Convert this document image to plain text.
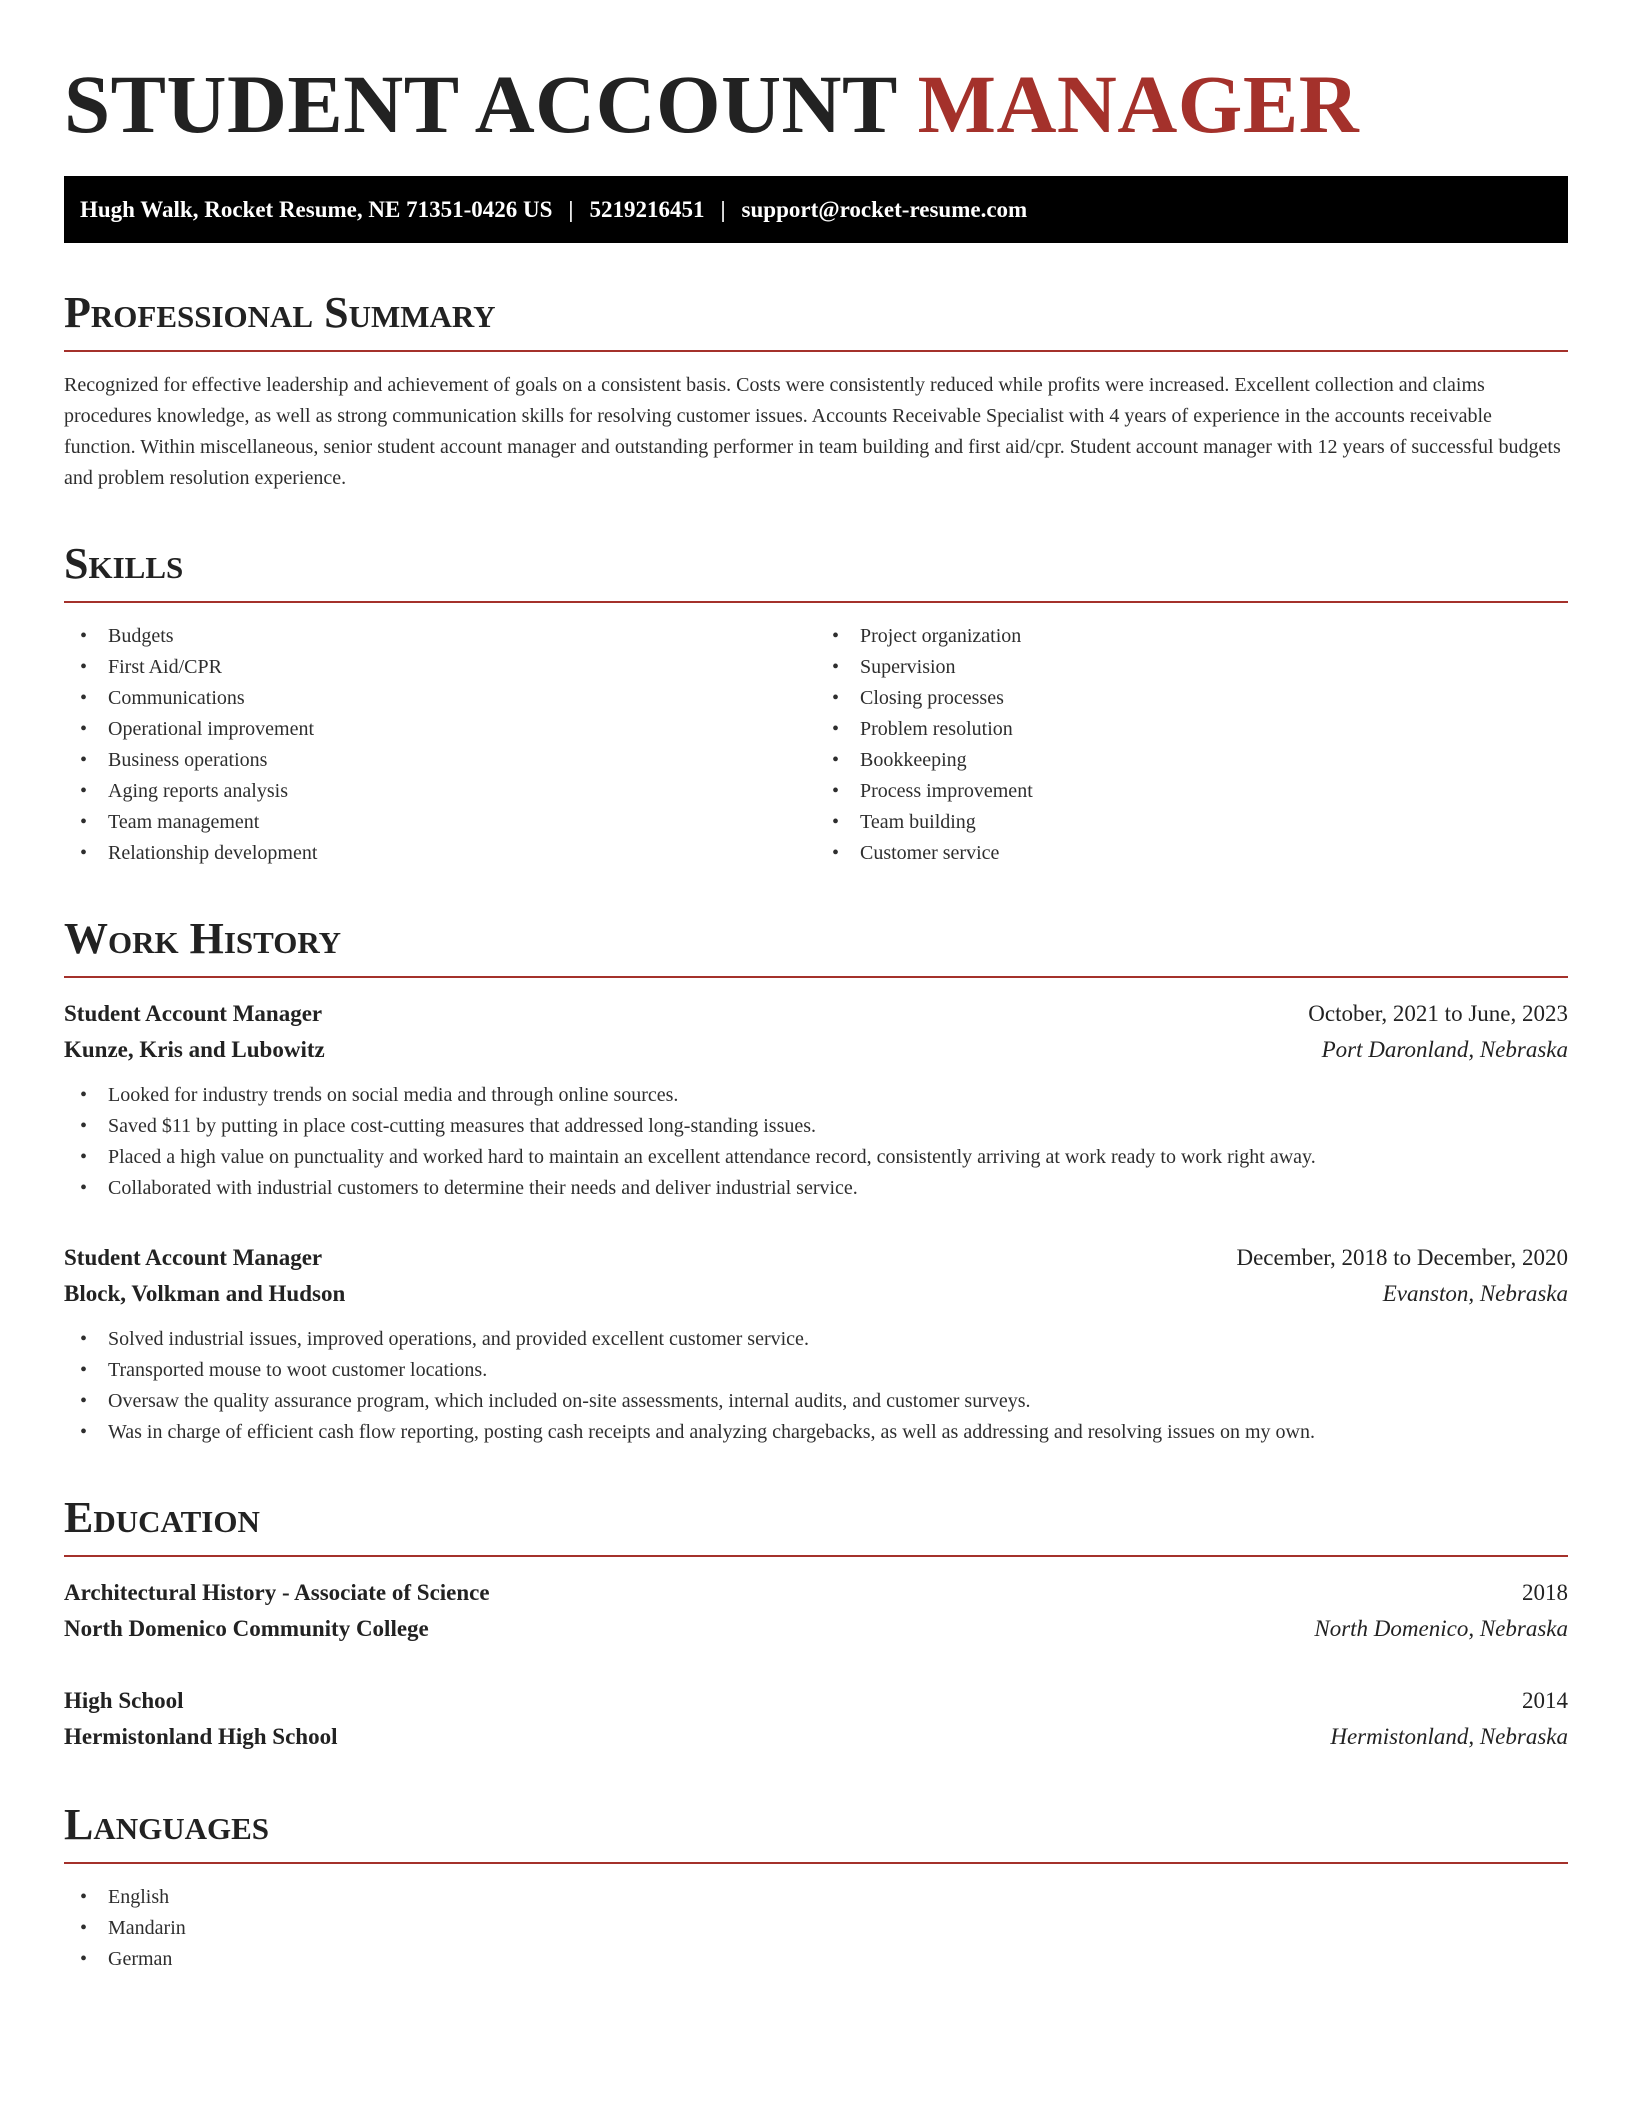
STUDENT ACCOUNT MANAGER
Hugh Walk, Rocket Resume, NE 71351-0426 US | 5219216451 | support@rocket-resume.com
Professional Summary

Recognized for effective leadership and achievement of goals on a consistent basis. Costs were consistently reduced while profits were increased. Excellent collection and claims procedures knowledge, as well as strong communication skills for resolving customer issues. Accounts Receivable Specialist with 4 years of experience in the accounts receivable function. Within miscellaneous, senior student account manager and outstanding performer in team building and first aid/cpr. Student account manager with 12 years of successful budgets and problem resolution experience.

Skills
• Budgets
• First Aid/CPR
• Communications
• Operational improvement
• Business operations
• Aging reports analysis
• Team management
• Relationship development
• Project organization
• Supervision
• Closing processes
• Problem resolution
• Bookkeeping
• Process improvement
• Team building
• Customer service
Work History
Student Account Manager	October, 2021 to June, 2023
Kunze, Kris and Lubowitz	Port Daronland, Nebraska
• Looked for industry trends on social media and through online sources.
• Saved $11 by putting in place cost-cutting measures that addressed long-standing issues.
• Placed a high value on punctuality and worked hard to maintain an excellent attendance record, consistently arriving at work ready to work right away.
• Collaborated with industrial customers to determine their needs and deliver industrial service.
Student Account Manager	December, 2018 to December, 2020
Block, Volkman and Hudson	Evanston, Nebraska
• Solved industrial issues, improved operations, and provided excellent customer service.
• Transported mouse to woot customer locations.
• Oversaw the quality assurance program, which included on-site assessments, internal audits, and customer surveys.
• Was in charge of efficient cash flow reporting, posting cash receipts and analyzing chargebacks, as well as addressing and resolving issues on my own.
Education
Architectural History - Associate of Science	2018
North Domenico Community College	North Domenico, Nebraska
High School	2014
Hermistonland High School	Hermistonland, Nebraska
Languages
• English
• Mandarin
• German
